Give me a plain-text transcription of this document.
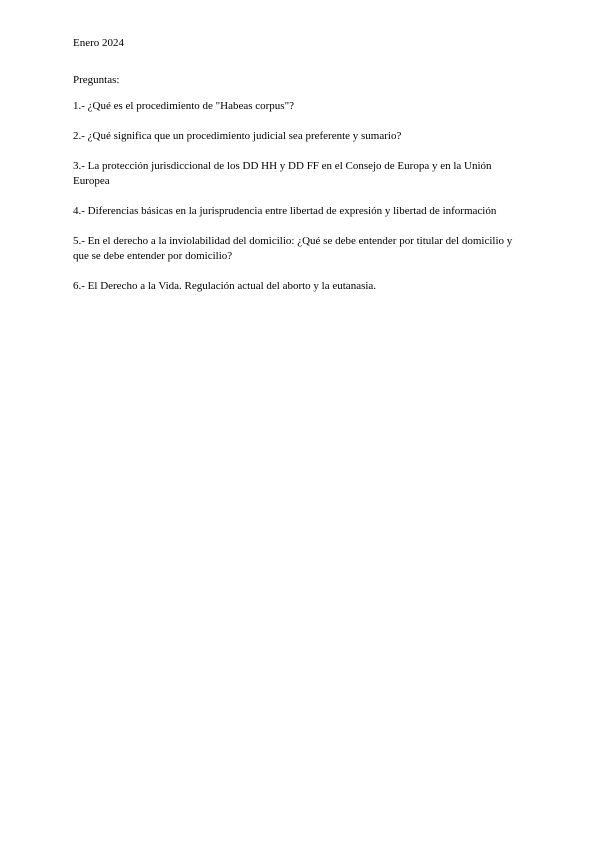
Enero 2024

Preguntas:

1.- ¿Qué es el procedimiento de "Habeas corpus"?
2.- ¿Qué significa que un procedimiento judicial sea preferente y sumario?
3.- La protección jurisdiccional de los DD HH y DD FF en el Consejo de Europa y en la Unión Europea
4.- Diferencias básicas en la jurisprudencia entre libertad de expresión y libertad de información
5.- En el derecho a la inviolabilidad del domicilio: ¿Qué se debe entender por titular del domicilio y que se debe entender por domicilio?
6.- El Derecho a la Vida. Regulación actual del aborto y la eutanasia.
